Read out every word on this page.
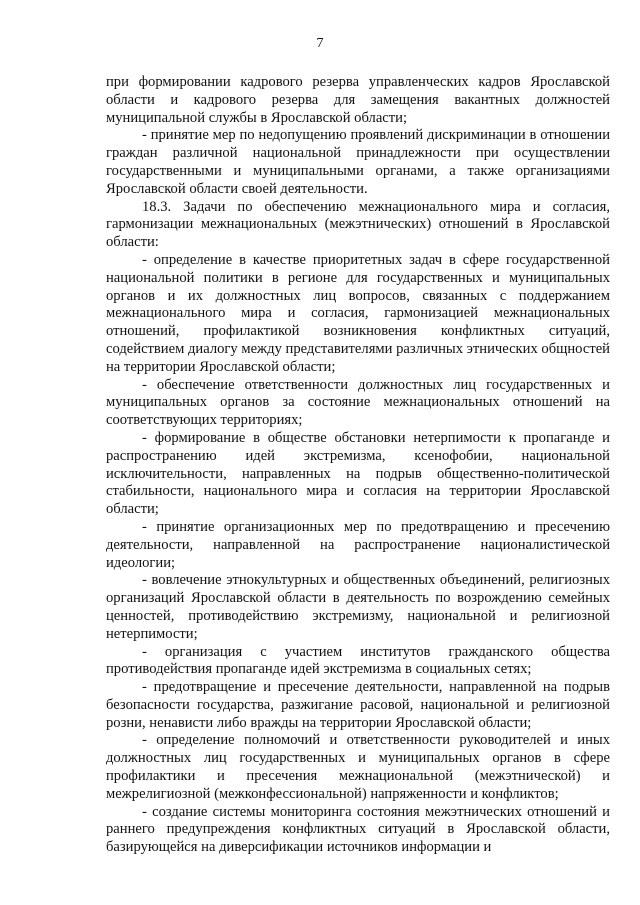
7

при формировании кадрового резерва управленческих кадров Ярославской области и кадрового резерва для замещения вакантных должностей муниципальной службы в Ярославской области;

- принятие мер по недопущению проявлений дискриминации в отношении граждан различной национальной принадлежности при осуществлении государственными и муниципальными органами, а также организациями Ярославской области своей деятельности.

18.3. Задачи по обеспечению межнационального мира и согласия, гармонизации межнациональных (межэтнических) отношений в Ярославской области:

- определение в качестве приоритетных задач в сфере государственной национальной политики в регионе для государственных и муниципальных органов и их должностных лиц вопросов, связанных с поддержанием межнационального мира и согласия, гармонизацией межнациональных отношений, профилактикой возникновения конфликтных ситуаций, содействием диалогу между представителями различных этнических общностей на территории Ярославской области;

- обеспечение ответственности должностных лиц государственных и муниципальных органов за состояние межнациональных отношений на соответствующих территориях;

- формирование в обществе обстановки нетерпимости к пропаганде и распространению идей экстремизма, ксенофобии, национальной исключительности, направленных на подрыв общественно-политической стабильности, национального мира и согласия на территории Ярославской области;

- принятие организационных мер по предотвращению и пресечению деятельности, направленной на распространение националистической идеологии;

- вовлечение этнокультурных и общественных объединений, религиозных организаций Ярославской области в деятельность по возрождению семейных ценностей, противодействию экстремизму, национальной и религиозной нетерпимости;

- организация с участием институтов гражданского общества противодействия пропаганде идей экстремизма в социальных сетях;

- предотвращение и пресечение деятельности, направленной на подрыв безопасности государства, разжигание расовой, национальной и религиозной розни, ненависти либо вражды на территории Ярославской области;

- определение полномочий и ответственности руководителей и иных должностных лиц государственных и муниципальных органов в сфере профилактики и пресечения межнациональной (межэтнической) и межрелигиозной (межконфессиональной) напряженности и конфликтов;

- создание системы мониторинга состояния межэтнических отношений и раннего предупреждения конфликтных ситуаций в Ярославской области, базирующейся на диверсификации источников информации и
